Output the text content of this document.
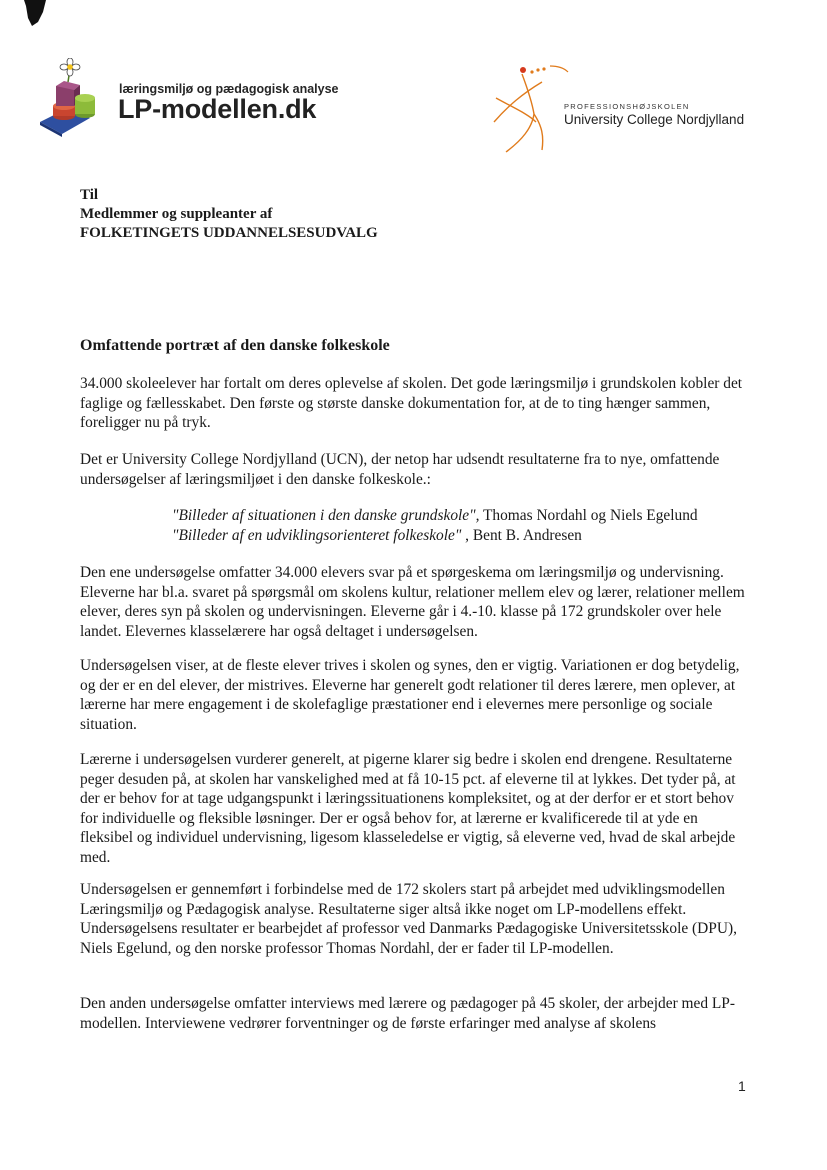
læringsmiljø og pædagogisk analyse
LP-modellen.dk	PROFESSIONSHØJSKOLEN
University College Nordjylland
Til
Medlemmer og suppleanter af
FOLKETINGETS UDDANNELSESUDVALG
Omfattende portræt af den danske folkeskole

34.000 skoleelever har fortalt om deres oplevelse af skolen. Det gode læringsmiljø i grundskolen kobler det faglige og fællesskabet. Den første og største danske dokumentation for, at de to ting hænger sammen, foreligger nu på tryk.

Det er University College Nordjylland (UCN), der netop har udsendt resultaterne fra to nye, omfattende undersøgelser af læringsmiljøet i den danske folkeskole.:

"Billeder af situationen i den danske grundskole", Thomas Nordahl og Niels Egelund
"Billeder af en udviklingsorienteret folkeskole" , Bent B. Andresen

Den ene undersøgelse omfatter 34.000 elevers svar på et spørgeskema om læringsmiljø og undervisning. Eleverne har bl.a. svaret på spørgsmål om skolens kultur, relationer mellem elev og lærer, relationer mellem elever, deres syn på skolen og undervisningen. Eleverne går i 4.-10. klasse på 172 grundskoler over hele landet. Elevernes klasselærere har også deltaget i undersøgelsen.

Undersøgelsen viser, at de fleste elever trives i skolen og synes, den er vigtig. Variationen er dog betydelig, og der er en del elever, der mistrives. Eleverne har generelt godt relationer til deres lærere, men oplever, at lærerne har mere engagement i de skolefaglige præstationer end i elevernes mere personlige og sociale situation.

Lærerne i undersøgelsen vurderer generelt, at pigerne klarer sig bedre i skolen end drengene. Resultaterne peger desuden på, at skolen har vanskelighed med at få 10-15 pct. af eleverne til at lykkes. Det tyder på, at der er behov for at tage udgangspunkt i læringssituationens kompleksitet, og at der derfor er et stort behov for individuelle og fleksible løsninger. Der er også behov for, at lærerne er kvalificerede til at yde en fleksibel og individuel undervisning, ligesom klasseledelse er vigtig, så eleverne ved, hvad de skal arbejde med.

Undersøgelsen er gennemført i forbindelse med de 172 skolers start på arbejdet med udviklingsmodellen Læringsmiljø og Pædagogisk analyse. Resultaterne siger altså ikke noget om LP-modellens effekt. Undersøgelsens resultater er bearbejdet af professor ved Danmarks Pædagogiske Universitetsskole (DPU), Niels Egelund, og den norske professor Thomas Nordahl, der er fader til LP-modellen.

Den anden undersøgelse omfatter interviews med lærere og pædagoger på 45 skoler, der arbejder med LP-modellen. Interviewene vedrører forventninger og de første erfaringer med analyse af skolens

1
